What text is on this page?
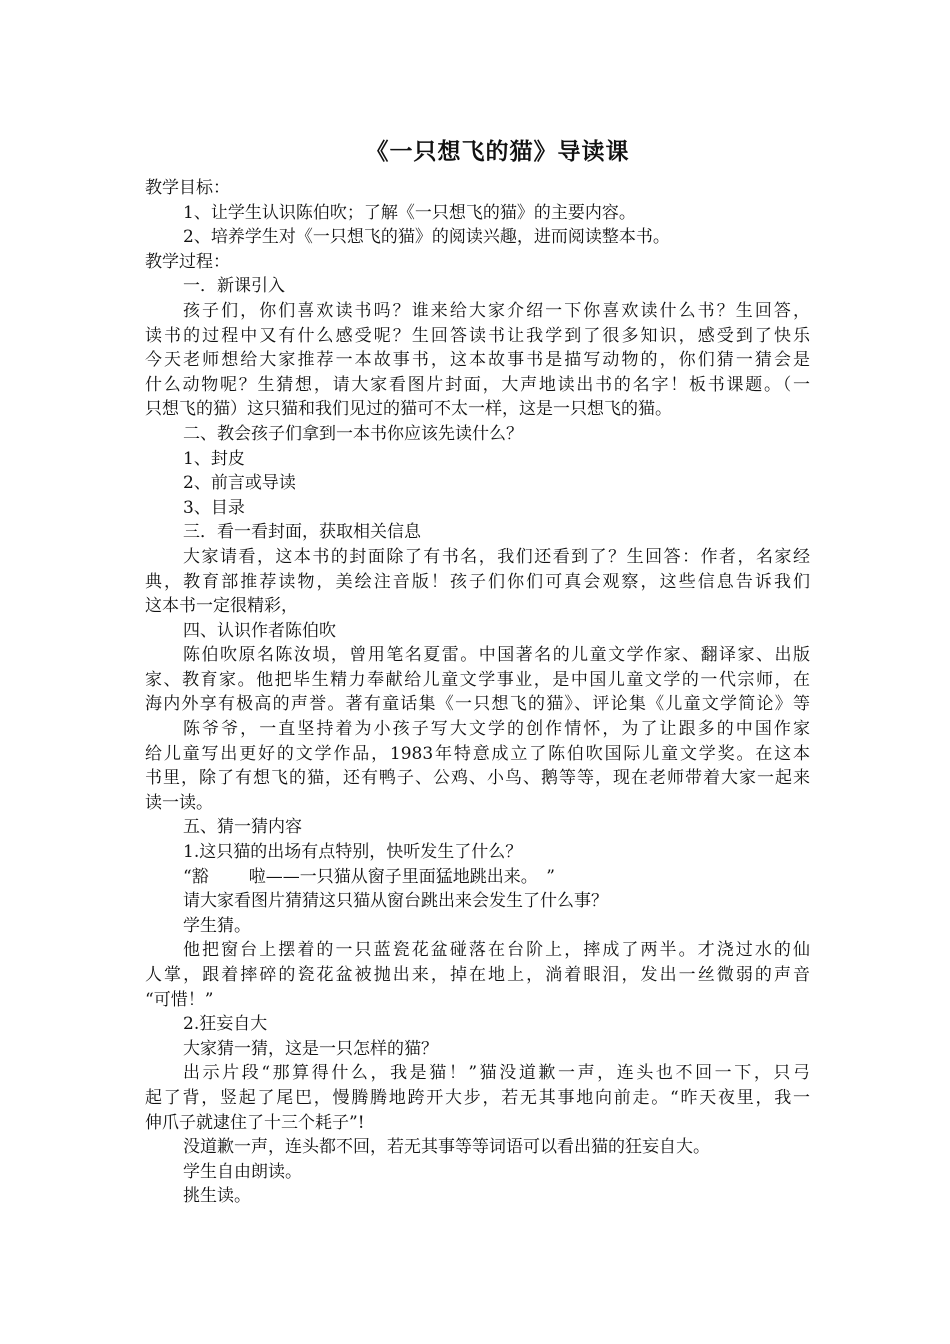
《一只想飞的猫》导读课
教学目标：
1、让学生认识陈伯吹；了解《一只想飞的猫》的主要内容。
2、培养学生对《一只想飞的猫》的阅读兴趣，进而阅读整本书。
教学过程：
一．新课引入
孩子们，你们喜欢读书吗？谁来给大家介绍一下你喜欢读什么书？生回答，
读书的过程中又有什么感受呢？生回答读书让我学到了很多知识，感受到了快乐
今天老师想给大家推荐一本故事书，这本故事书是描写动物的，你们猜一猜会是
什么动物呢？生猜想，请大家看图片封面，大声地读出书的名字！板书课题。（一
只想飞的猫）这只猫和我们见过的猫可不太一样，这是一只想飞的猫。
二、教会孩子们拿到一本书你应该先读什么？
1、封皮
2、前言或导读
3、目录
三．看一看封面，获取相关信息
大家请看，这本书的封面除了有书名，我们还看到了？生回答：作者，名家经
典，教育部推荐读物，美绘注音版！孩子们你们可真会观察，这些信息告诉我们
这本书一定很精彩，
四、认识作者陈伯吹
陈伯吹原名陈汝埙，曾用笔名夏雷。中国著名的儿童文学作家、翻译家、出版
家、教育家。他把毕生精力奉献给儿童文学事业，是中国儿童文学的一代宗师，在
海内外享有极高的声誉。著有童话集《一只想飞的猫》、评论集《儿童文学简论》等
陈爷爷，一直坚持着为小孩子写大文学的创作情怀，为了让跟多的中国作家
给儿童写出更好的文学作品，1983年特意成立了陈伯吹国际儿童文学奖。在这本
书里，除了有想飞的猫，还有鸭子、公鸡、小鸟、鹅等等，现在老师带着大家一起来
读一读。
五、猜一猜内容
1.这只猫的出场有点特别，快听发生了什么？
“豁 啦——一只猫从窗子里面猛地跳出来。　”
请大家看图片猜猜这只猫从窗台跳出来会发生了什么事？
学生猜。
他把窗台上摆着的一只蓝瓷花盆碰落在台阶上，摔成了两半。才浇过水的仙
人掌，跟着摔碎的瓷花盆被抛出来，掉在地上，淌着眼泪，发出一丝微弱的声音
“可惜！”
2.狂妄自大
大家猜一猜，这是一只怎样的猫？
出示片段“那算得什么，我是猫！”猫没道歉一声，连头也不回一下，只弓
起了背，竖起了尾巴，慢腾腾地跨开大步，若无其事地向前走。“昨天夜里，我一
伸爪子就逮住了十三个耗子”!
没道歉一声，连头都不回，若无其事等等词语可以看出猫的狂妄自大。
学生自由朗读。
挑生读。
